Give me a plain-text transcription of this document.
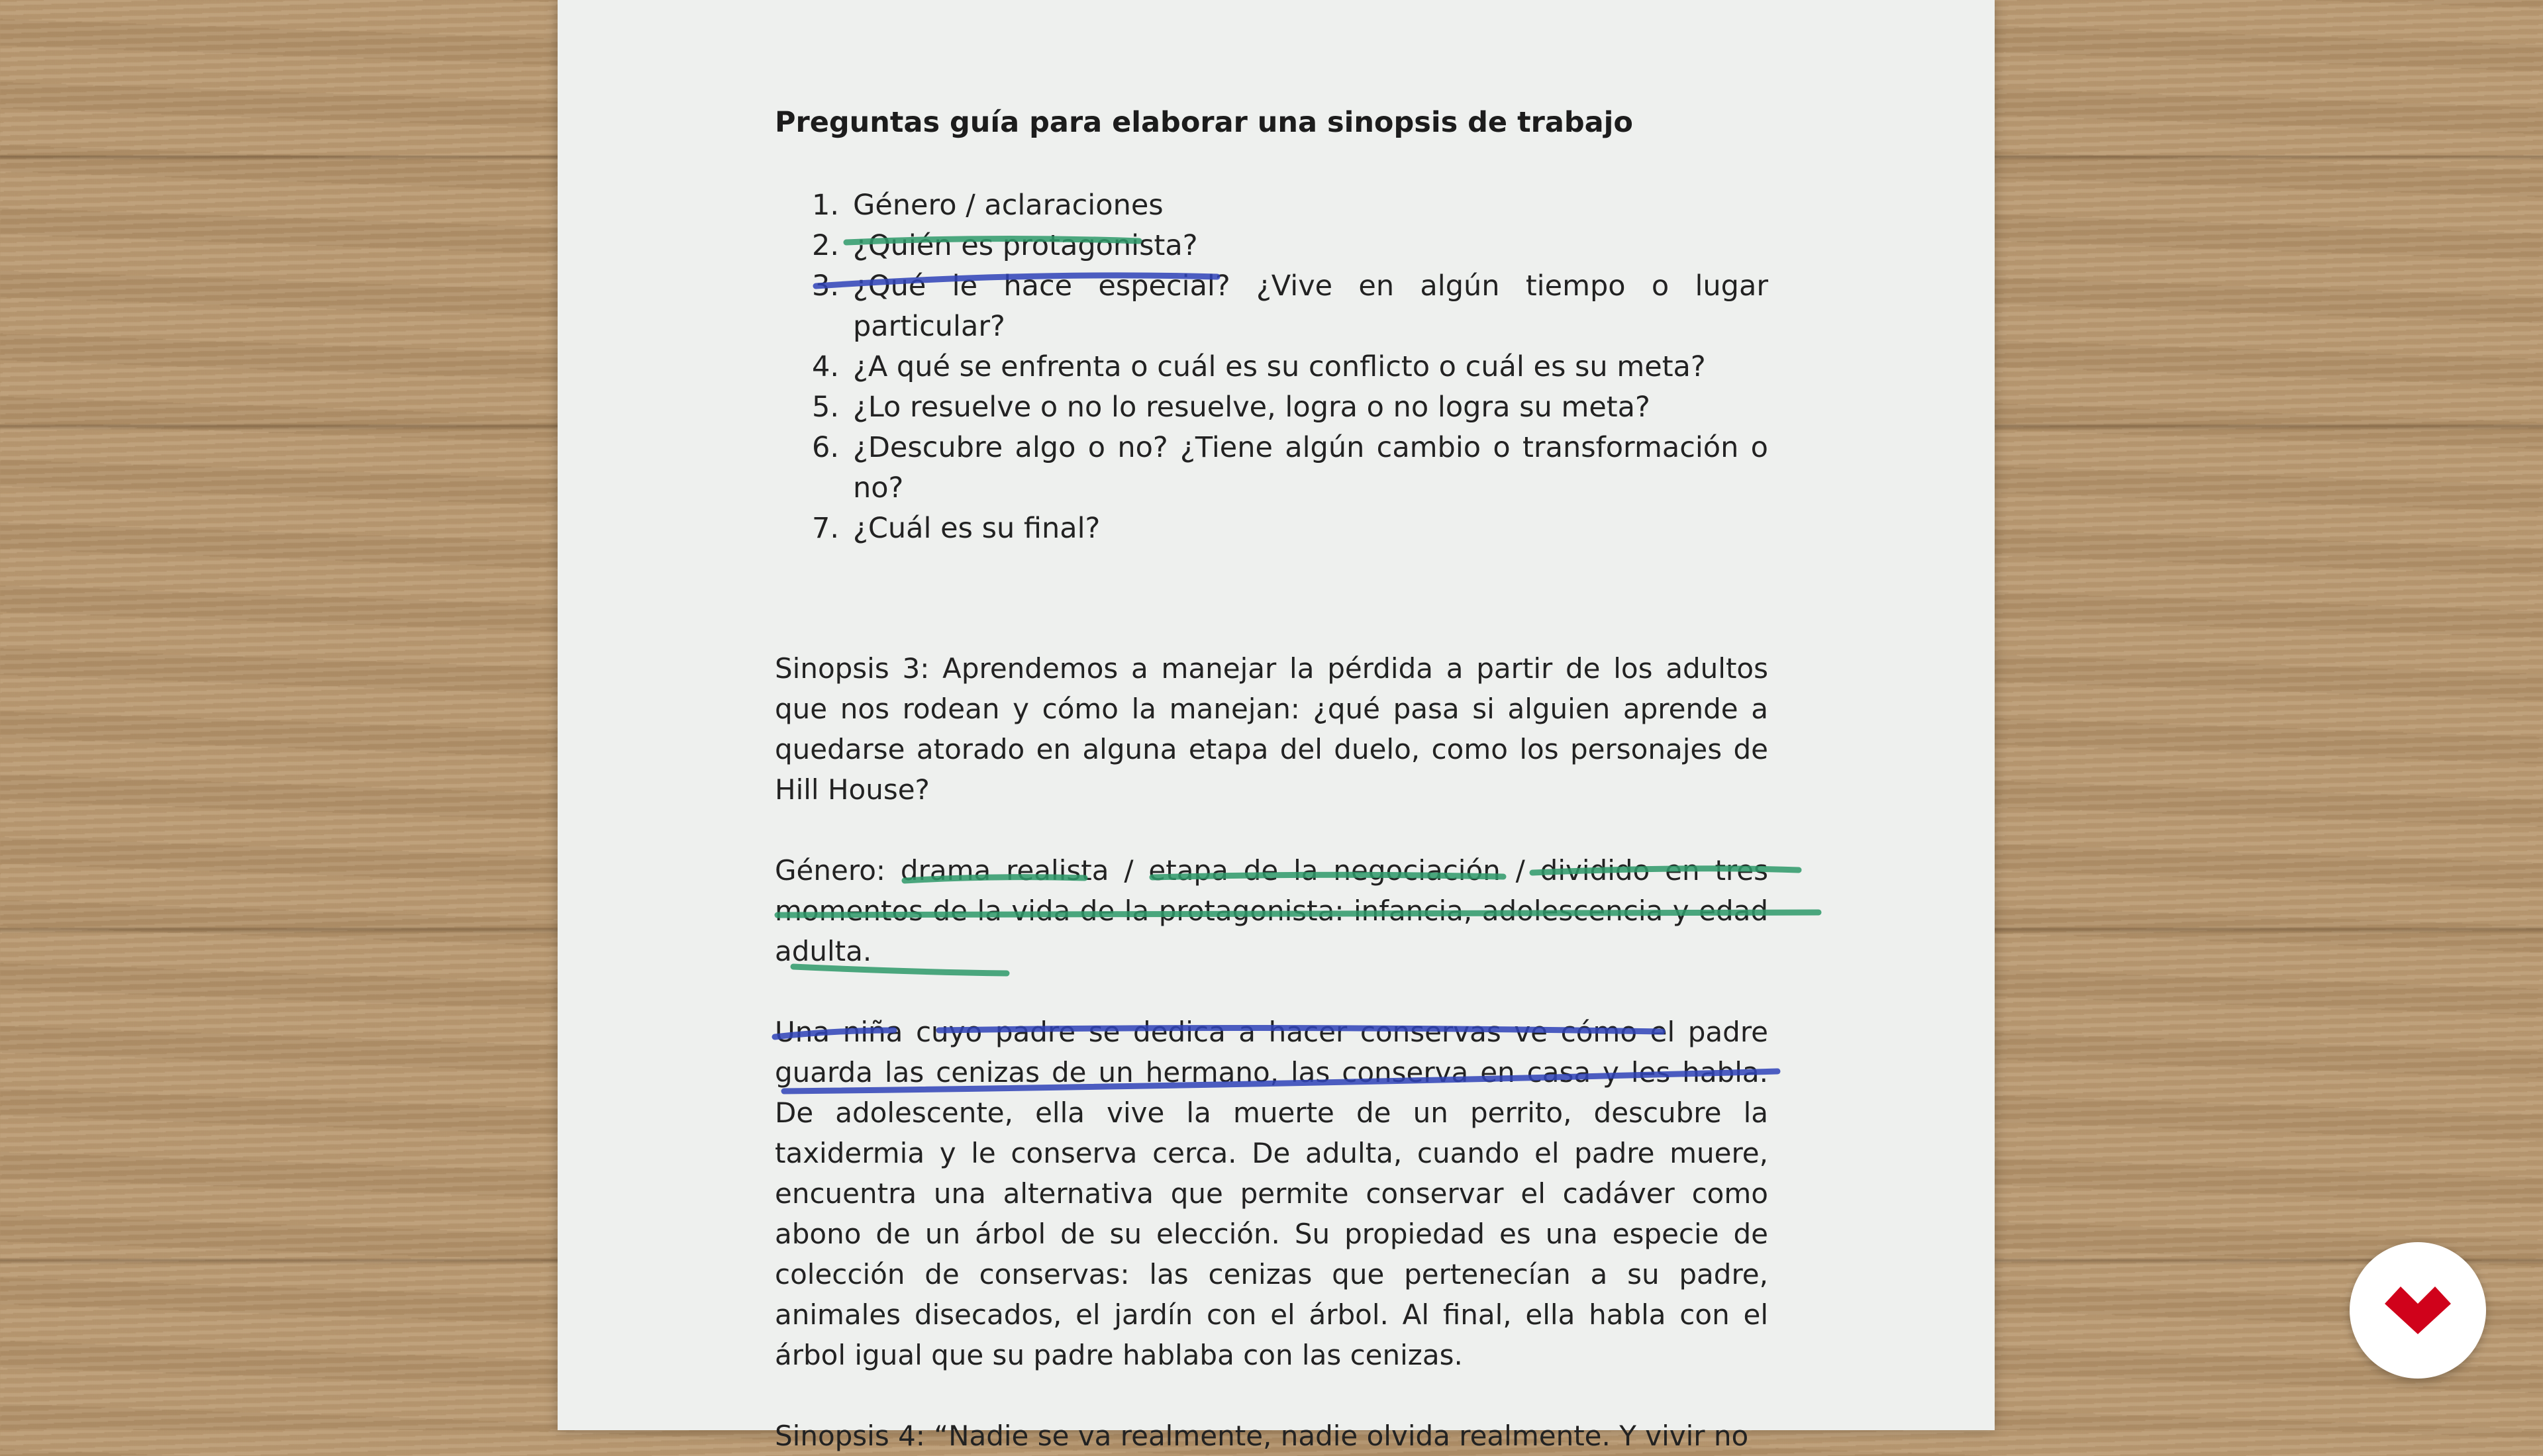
Preguntas guía para elaborar una sinopsis de trabajo
1. Género / aclaraciones
2. ¿Quién es protagonista?
3. ¿Qué le hace especial? ¿Vive en algún tiempo o lugar particular?
4. ¿A qué se enfrenta o cuál es su conflicto o cuál es su meta?
5. ¿Lo resuelve o no lo resuelve, logra o no logra su meta?
6. ¿Descubre algo o no? ¿Tiene algún cambio o transformación o no?
7. ¿Cuál es su final?

Sinopsis 3: Aprendemos a manejar la pérdida a partir de los adultos que nos rodean y cómo la manejan: ¿qué pasa si alguien aprende a quedarse atorado en alguna etapa del duelo, como los personajes de Hill House?

Género: drama realista / etapa de la negociación / dividido en tres momentos de la vida de la protagonista: infancia, adolescencia y edad adulta.

Una niña cuyo padre se dedica a hacer conservas ve cómo el padre guarda las cenizas de un hermano, las conserva en casa y les habla. De adolescente, ella vive la muerte de un perrito, descubre la taxidermia y le conserva cerca. De adulta, cuando el padre muere, encuentra una alternativa que permite conservar el cadáver como abono de un árbol de su elección. Su propiedad es una especie de colección de conservas: las cenizas que pertenecían a su padre, animales disecados, el jardín con el árbol. Al final, ella habla con el árbol igual que su padre hablaba con las cenizas.

Sinopsis 4: “Nadie se va realmente, nadie olvida realmente. Y vivir no
